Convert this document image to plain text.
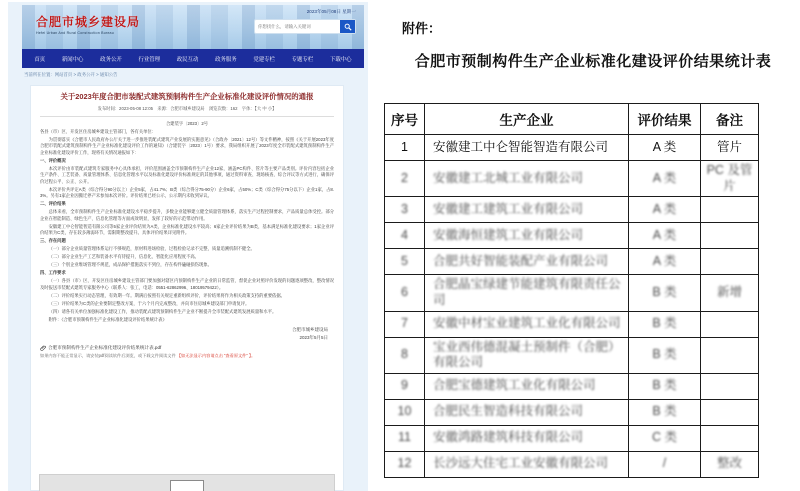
合肥市城乡建设局
Hefei Urban And Rural Construction Bureau
2023年05月08日 星期一
你想找什么，请输入关键词
首页	新闻中心	政务公开	行业管理	政民互动	政务服务	党建专栏	专题专栏	下载中心
当前所在位置：网站首页 > 政务公开 > 通知公告
关于2023年度合肥市装配式建筑预制构件生产企业标准化建设评价情况的通报
发布时间：2023-05-08 12:05　来源：合肥市城乡建设局　浏览次数：162　字体：【大 中 小】
合建装字〔2023〕2号
各县（市）区、开发区住房城乡建设主管部门，各有关单位：
为贯彻落实《合肥市人民政府办公厅关于进一步推进装配式建筑产业发展的实施意见》（合政办〔2021〕12号）等文件精神，按照《关于开展2023年度合肥市装配式建筑预制构件生产企业标准化建设评价工作的通知》（合建装字〔2023〕1号）要求，我局组织开展了2023年度全市装配式建筑预制构件生产企业标准化建设评价工作，现将有关情况通报如下：
一、评价概况
本次评价由市装配式建筑专家服务中心具体承担，评价范围涵盖全市预制构件生产企业12家，涵盖PC构件、管片等主要产品类别。评价内容包括企业生产条件、工艺装备、质量管理体系、信息化管理水平以及标准化建设评价标准规定的其他事项，通过资料审查、现场核查、综合评议等方式进行，确保评价过程公平、公正、公开。
本次评价共评定A类（综合得分90分以上）企业5家，占41.7%；B类（综合得分75-90分）企业6家，占50%；C类（综合得分75分以下）企业1家，占8.3%。另有1家企业因搬迁停产未参加本次评价。评价结果已经公示，公示期内未收到异议。
二、评价结果
总体来看，全市预制构件生产企业标准化建设水平稳步提升，多数企业能够建立健全质量管理体系，落实生产过程控制要求，产品质量总体受控。部分企业在智能制造、绿色生产、信息化管理等方面成效明显，发挥了较好的示范带动作用。
安徽建工中仑智能智造有限公司等5家企业评价结果为A类，企业标准化建设水平较高；6家企业评价结果为B类，基本满足标准化建设要求；1家企业评价结果为C类，存在较多薄弱环节，需限期整改提升。具体评价结果详见附件。
三、存在问题
（一）部分企业质量管理体系运行不够规范，原材料进场检验、过程检验记录不完整，质量追溯机制不健全。
（二）部分企业生产工艺和装备水平有待提升，信息化、智能化应用程度不高。
（三）个别企业堆场管理不规范，成品保护措施落实不到位，存在构件磕碰损伤现象。
四、工作要求
（一）各县（市）区、开发区住房城乡建设主管部门要加强对辖区内预制构件生产企业的日常监管，督促企业对照评价发现的问题逐项整改，整改情况及时报送市装配式建筑专家服务中心（联系人：张工，电话：0551-62862996、18019579422）。
（二）评价结果实行动态管理，有效期一年。期满后按照有关规定重新组织评价，评价结果将作为相关政策支持的重要依据。
（三）评价结果为C类的企业要制定整改方案，于六个月内完成整改，并向市住房城乡建设部门申请复评。
（四）请各有关单位加强标准化建设工作，推动装配式建筑预制构件生产企业不断提升全市装配式建筑发展质量和水平。
附件：《合肥市预制构件生产企业标准化建设评价结果统计表》
合肥市城乡建设局
2023年5月5日
合肥市预制构件生产企业标准化建设评价结果统计表.pdf
如果内容不能正常显示，请安装pdf阅读软件后浏览，或下载文件阅读文件 【如无法显示内容请点击 “查看原文件” 】。
附件：
合肥市预制构件生产企业标准化建设评价结果统计表
序号	生产企业	评价结果	备注
1	安徽建工中仑智能智造有限公司	A 类	管片
2	安徽建工北城工业有限公司	A 类	PC 及管片
3	安徽建工建筑工业有限公司	A 类	
4	安徽海恒建筑工业有限公司	A 类	
5	合肥共好智能装配产业有限公司	A 类	
6	合肥晶宝绿建节能建筑有限责任公司	B 类	新增
7	安徽中材宝业建筑工业化有限公司	B 类	
8	宝业西伟德混凝土预制件（合肥）有限公司	B 类	
9	合肥宝德建筑工业化有限公司	B 类	
10	合肥民生智造科技有限公司	B 类	
11	安徽鸿路建筑科技有限公司	C 类	
12	长沙远大住宅工业安徽有限公司	/	整改
